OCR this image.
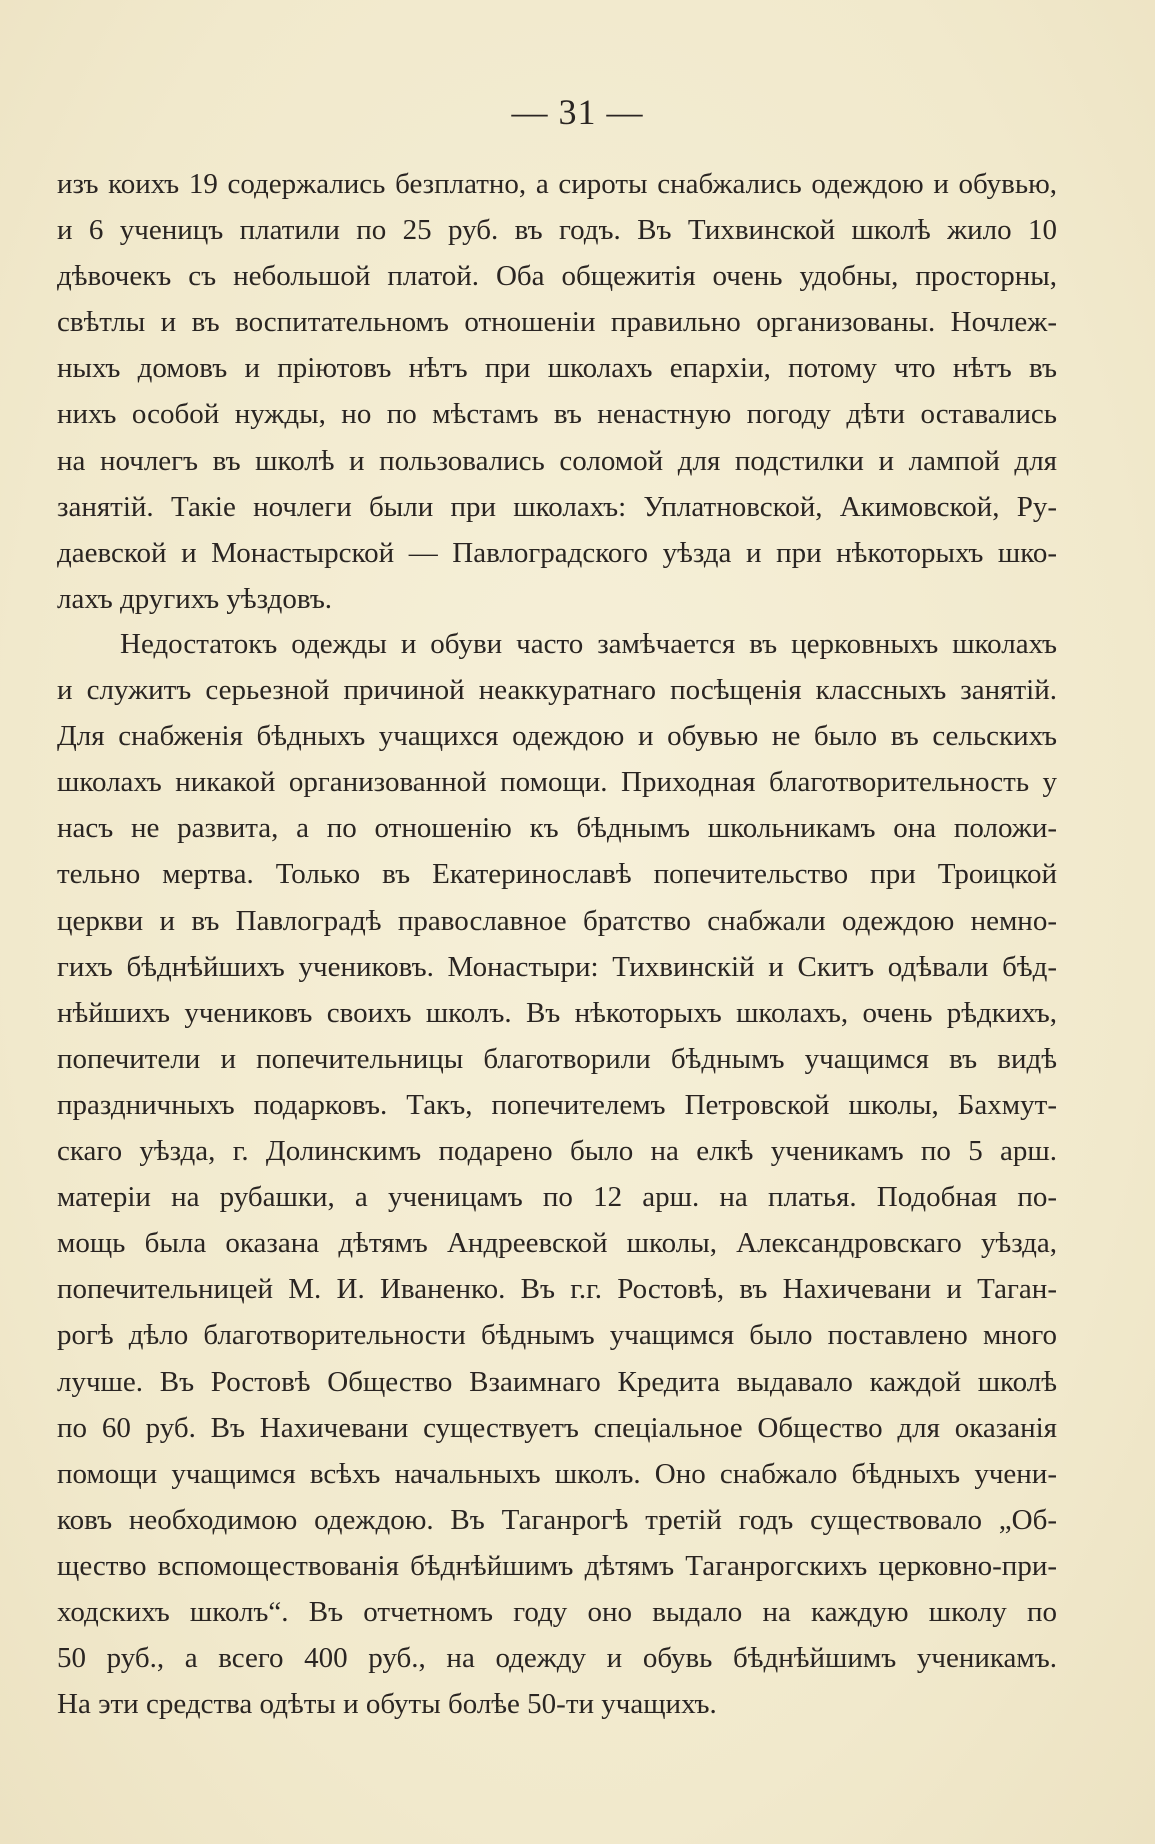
— 31 —
изъ коихъ 19 содержались безплатно, а сироты снабжались одеждою и обувью,
и 6 ученицъ платили по 25 руб. въ годъ. Въ Тихвинской школѣ жило 10
дѣвочекъ съ небольшой платой. Оба общежитія очень удобны, просторны,
свѣтлы и въ воспитательномъ отношеніи правильно организованы. Ночлеж-
ныхъ домовъ и пріютовъ нѣтъ при школахъ епархіи, потому что нѣтъ въ
нихъ особой нужды, но по мѣстамъ въ ненастную погоду дѣти оставались
на ночлегъ въ школѣ и пользовались соломой для подстилки и лампой для
занятій. Такіе ночлеги были при школахъ: Уплатновской, Акимовской, Ру-
даевской и Монастырской — Павлоградского уѣзда и при нѣкоторыхъ шко-
лахъ другихъ уѣздовъ.
Недостатокъ одежды и обуви часто замѣчается въ церковныхъ школахъ
и служитъ серьезной причиной неаккуратнаго посѣщенія классныхъ занятій.
Для снабженія бѣдныхъ учащихся одеждою и обувью не было въ сельскихъ
школахъ никакой организованной помощи. Приходная благотворительность у
насъ не развита, а по отношенію къ бѣднымъ школьникамъ она положи-
тельно мертва. Только въ Екатеринославѣ попечительство при Троицкой
церкви и въ Павлоградѣ православное братство снабжали одеждою немно-
гихъ бѣднѣйшихъ учениковъ. Монастыри: Тихвинскій и Скитъ одѣвали бѣд-
нѣйшихъ учениковъ своихъ школъ. Въ нѣкоторыхъ школахъ, очень рѣдкихъ,
попечители и попечительницы благотворили бѣднымъ учащимся въ видѣ
праздничныхъ подарковъ. Такъ, попечителемъ Петровской школы, Бахмут-
скаго уѣзда, г. Долинскимъ подарено было на елкѣ ученикамъ по 5 арш.
матеріи на рубашки, а ученицамъ по 12 арш. на платья. Подобная по-
мощь была оказана дѣтямъ Андреевской школы, Александровскаго уѣзда,
попечительницей М. И. Иваненко. Въ г.г. Ростовѣ, въ Нахичевани и Таган-
рогѣ дѣло благотворительности бѣднымъ учащимся было поставлено много
лучше. Въ Ростовѣ Общество Взаимнаго Кредита выдавало каждой школѣ
по 60 руб. Въ Нахичевани существуетъ спеціальное Общество для оказанія
помощи учащимся всѣхъ начальныхъ школъ. Оно снабжало бѣдныхъ учени-
ковъ необходимою одеждою. Въ Таганрогѣ третій годъ существовало „Об-
щество вспомоществованія бѣднѣйшимъ дѣтямъ Таганрогскихъ церковно-при-
ходскихъ школъ“. Въ отчетномъ году оно выдало на каждую школу по
50 руб., а всего 400 руб., на одежду и обувь бѣднѣйшимъ ученикамъ.
На эти средства одѣты и обуты болѣе 50-ти учащихъ.
